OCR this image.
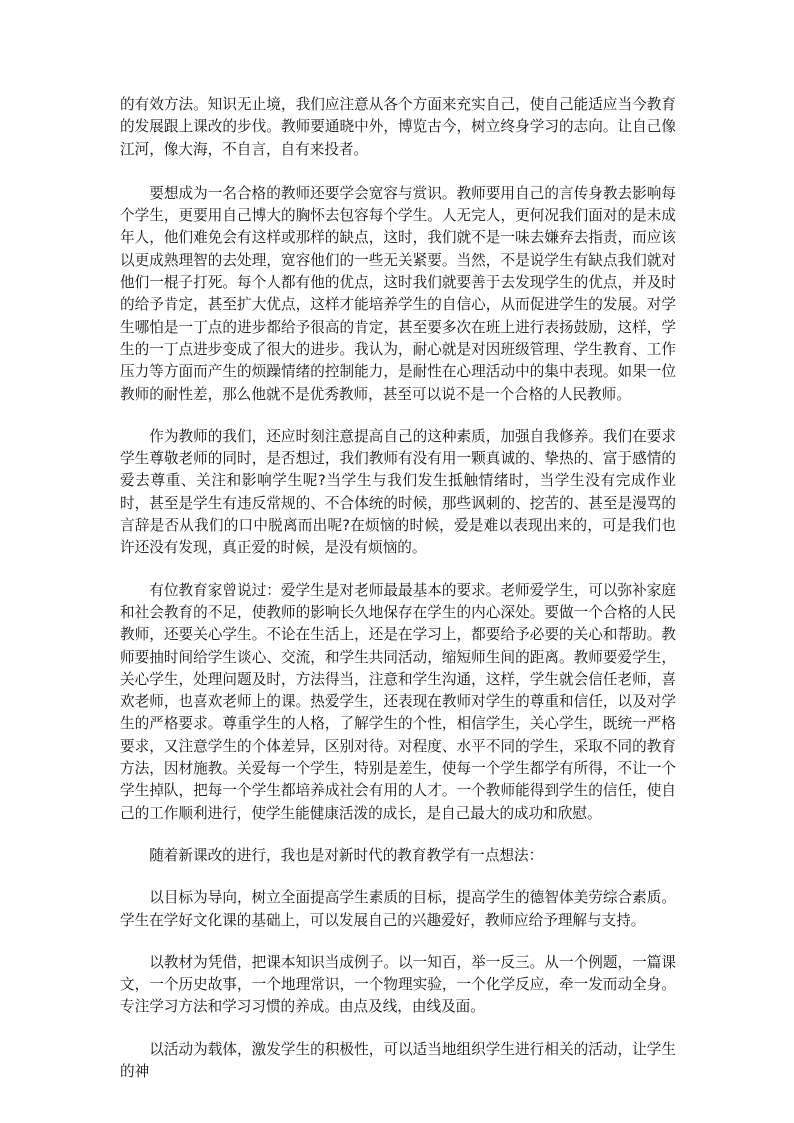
的有效方法。知识无止境，我们应注意从各个方面来充实自己，使自己能适应当今教育的发展跟上课改的步伐。教师要通晓中外，博览古今，树立终身学习的志向。让自己像江河，像大海，不自言，自有来投者。

要想成为一名合格的教师还要学会宽容与赏识。教师要用自己的言传身教去影响每个学生，更要用自己博大的胸怀去包容每个学生。人无完人，更何况我们面对的是未成年人，他们难免会有这样或那样的缺点，这时，我们就不是一味去嫌弃去指责，而应该以更成熟理智的去处理，宽容他们的一些无关紧要。当然，不是说学生有缺点我们就对他们一棍子打死。每个人都有他的优点，这时我们就要善于去发现学生的优点，并及时的给予肯定，甚至扩大优点，这样才能培养学生的自信心，从而促进学生的发展。对学生哪怕是一丁点的进步都给予很高的肯定，甚至要多次在班上进行表扬鼓励，这样，学生的一丁点进步变成了很大的进步。我认为，耐心就是对因班级管理、学生教育、工作压力等方面而产生的烦躁情绪的控制能力，是耐性在心理活动中的集中表现。如果一位教师的耐性差，那么他就不是优秀教师，甚至可以说不是一个合格的人民教师。

作为教师的我们，还应时刻注意提高自己的这种素质，加强自我修养。我们在要求学生尊敬老师的同时，是否想过，我们教师有没有用一颗真诚的、挚热的、富于感情的爱去尊重、关注和影响学生呢?当学生与我们发生抵触情绪时，当学生没有完成作业时，甚至是学生有违反常规的、不合体统的时候，那些讽刺的、挖苦的、甚至是漫骂的言辞是否从我们的口中脱离而出呢?在烦恼的时候，爱是难以表现出来的，可是我们也许还没有发现，真正爱的时候，是没有烦恼的。

有位教育家曾说过：爱学生是对老师最最基本的要求。老师爱学生，可以弥补家庭和社会教育的不足，使教师的影响长久地保存在学生的内心深处。要做一个合格的人民教师，还要关心学生。不论在生活上，还是在学习上，都要给予必要的关心和帮助。教师要抽时间给学生谈心、交流，和学生共同活动，缩短师生间的距离。教师要爱学生，关心学生，处理问题及时，方法得当，注意和学生沟通，这样，学生就会信任老师，喜欢老师，也喜欢老师上的课。热爱学生，还表现在教师对学生的尊重和信任，以及对学生的严格要求。尊重学生的人格，了解学生的个性，相信学生，关心学生，既统一严格要求，又注意学生的个体差异，区别对待。对程度、水平不同的学生，采取不同的教育方法，因材施教。关爱每一个学生，特别是差生，使每一个学生都学有所得，不让一个学生掉队，把每一个学生都培养成社会有用的人才。一个教师能得到学生的信任，使自己的工作顺利进行，使学生能健康活泼的成长，是自己最大的成功和欣慰。

随着新课改的进行，我也是对新时代的教育教学有一点想法：

以目标为导向，树立全面提高学生素质的目标，提高学生的德智体美劳综合素质。学生在学好文化课的基础上，可以发展自己的兴趣爱好，教师应给予理解与支持。

以教材为凭借，把课本知识当成例子。以一知百，举一反三。从一个例题，一篇课文，一个历史故事，一个地理常识，一个物理实验，一个化学反应，牵一发而动全身。专注学习方法和学习习惯的养成。由点及线，由线及面。

以活动为载体，激发学生的积极性，可以适当地组织学生进行相关的活动，让学生的神
